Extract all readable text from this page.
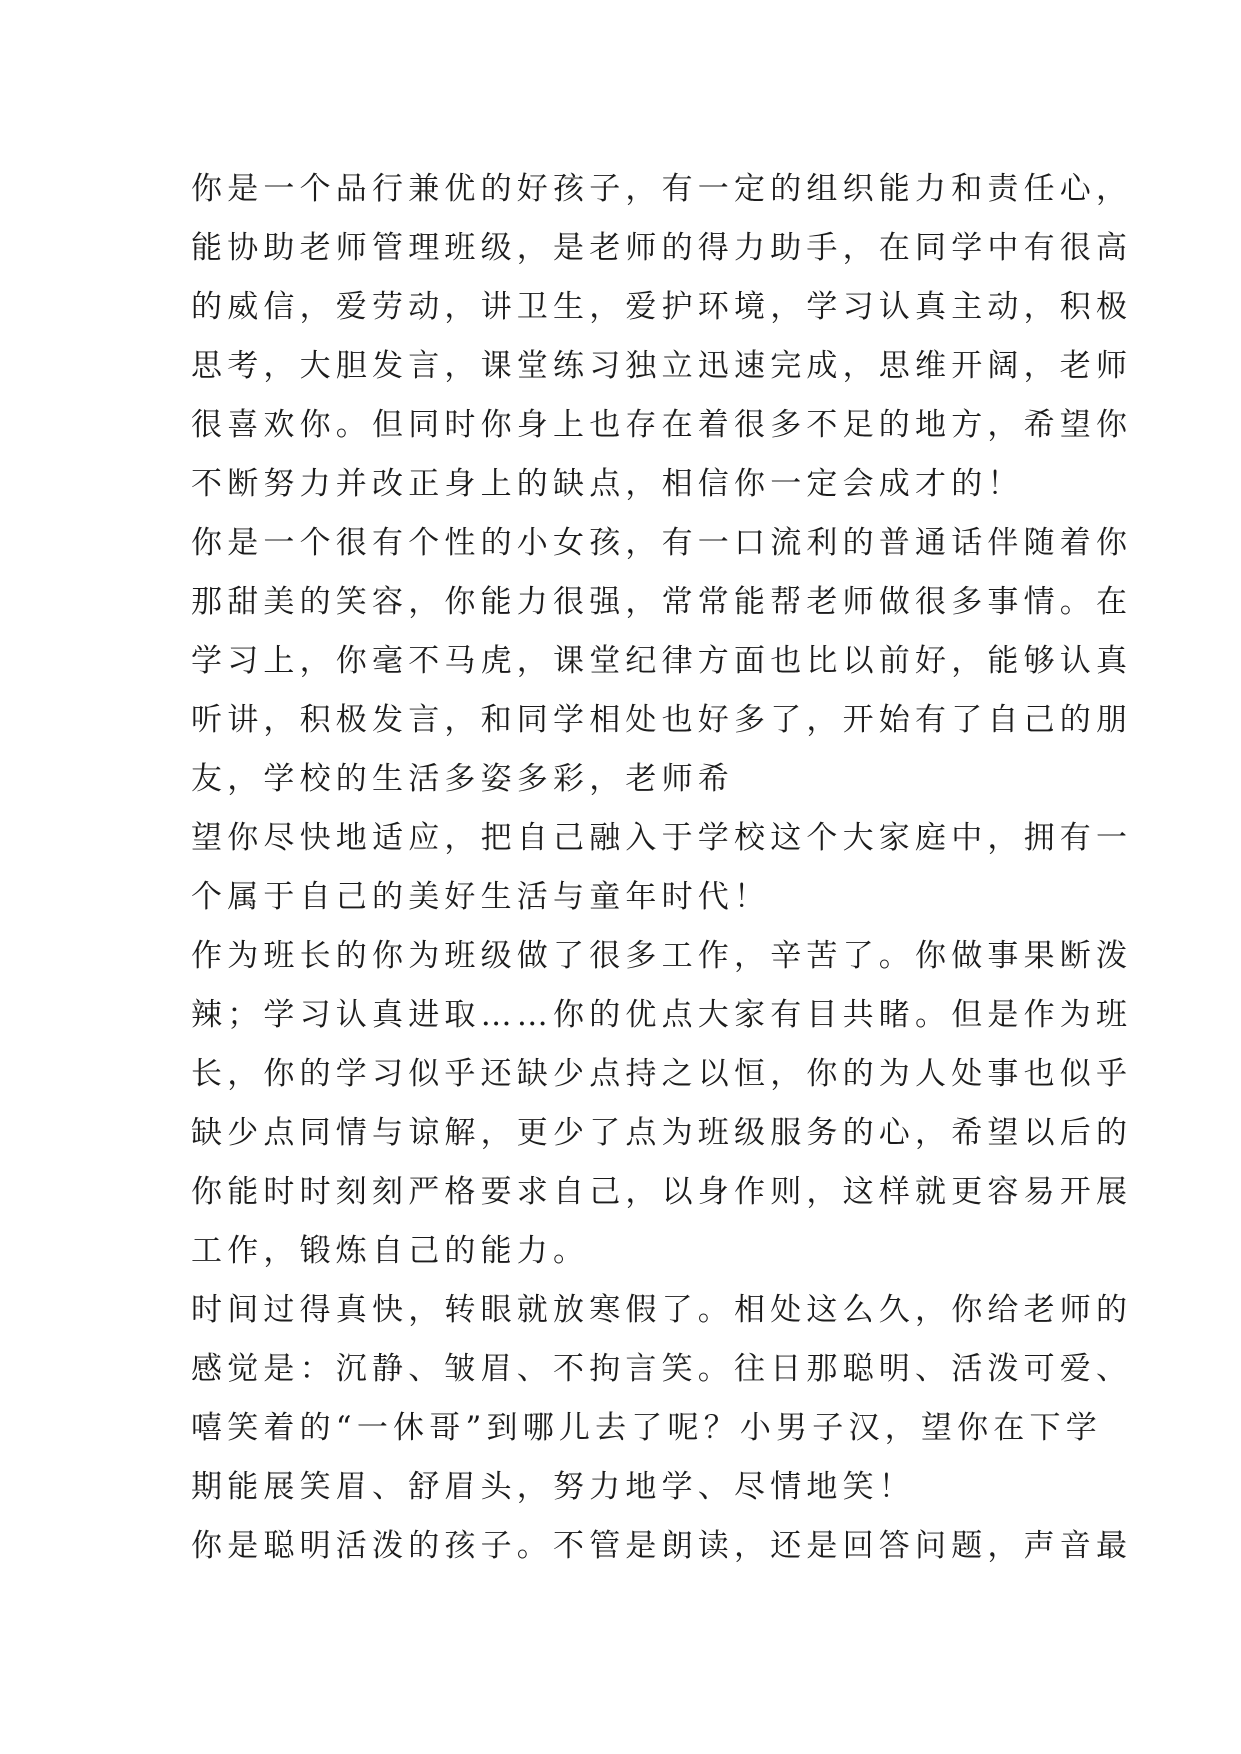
你是一个品行兼优的好孩子，有一定的组织能力和责任心，
能协助老师管理班级，是老师的得力助手，在同学中有很高
的威信，爱劳动，讲卫生，爱护环境，学习认真主动，积极
思考，大胆发言，课堂练习独立迅速完成，思维开阔，老师
很喜欢你。但同时你身上也存在着很多不足的地方，希望你
不断努力并改正身上的缺点，相信你一定会成才的！
你是一个很有个性的小女孩，有一口流利的普通话伴随着你
那甜美的笑容，你能力很强，常常能帮老师做很多事情。在
学习上，你毫不马虎，课堂纪律方面也比以前好，能够认真
听讲，积极发言，和同学相处也好多了，开始有了自己的朋
友，学校的生活多姿多彩，老师希
望你尽快地适应，把自己融入于学校这个大家庭中，拥有一
个属于自己的美好生活与童年时代！
作为班长的你为班级做了很多工作，辛苦了。你做事果断泼
辣；学习认真进取……你的优点大家有目共睹。但是作为班
长，你的学习似乎还缺少点持之以恒，你的为人处事也似乎
缺少点同情与谅解，更少了点为班级服务的心，希望以后的
你能时时刻刻严格要求自己，以身作则，这样就更容易开展
工作，锻炼自己的能力。
时间过得真快，转眼就放寒假了。相处这么久，你给老师的
感觉是：沉静、皱眉、不拘言笑。往日那聪明、活泼可爱、
嘻笑着的“一休哥”到哪儿去了呢？小男子汉，望你在下学
期能展笑眉、舒眉头，努力地学、尽情地笑！
你是聪明活泼的孩子。不管是朗读，还是回答问题，声音最
